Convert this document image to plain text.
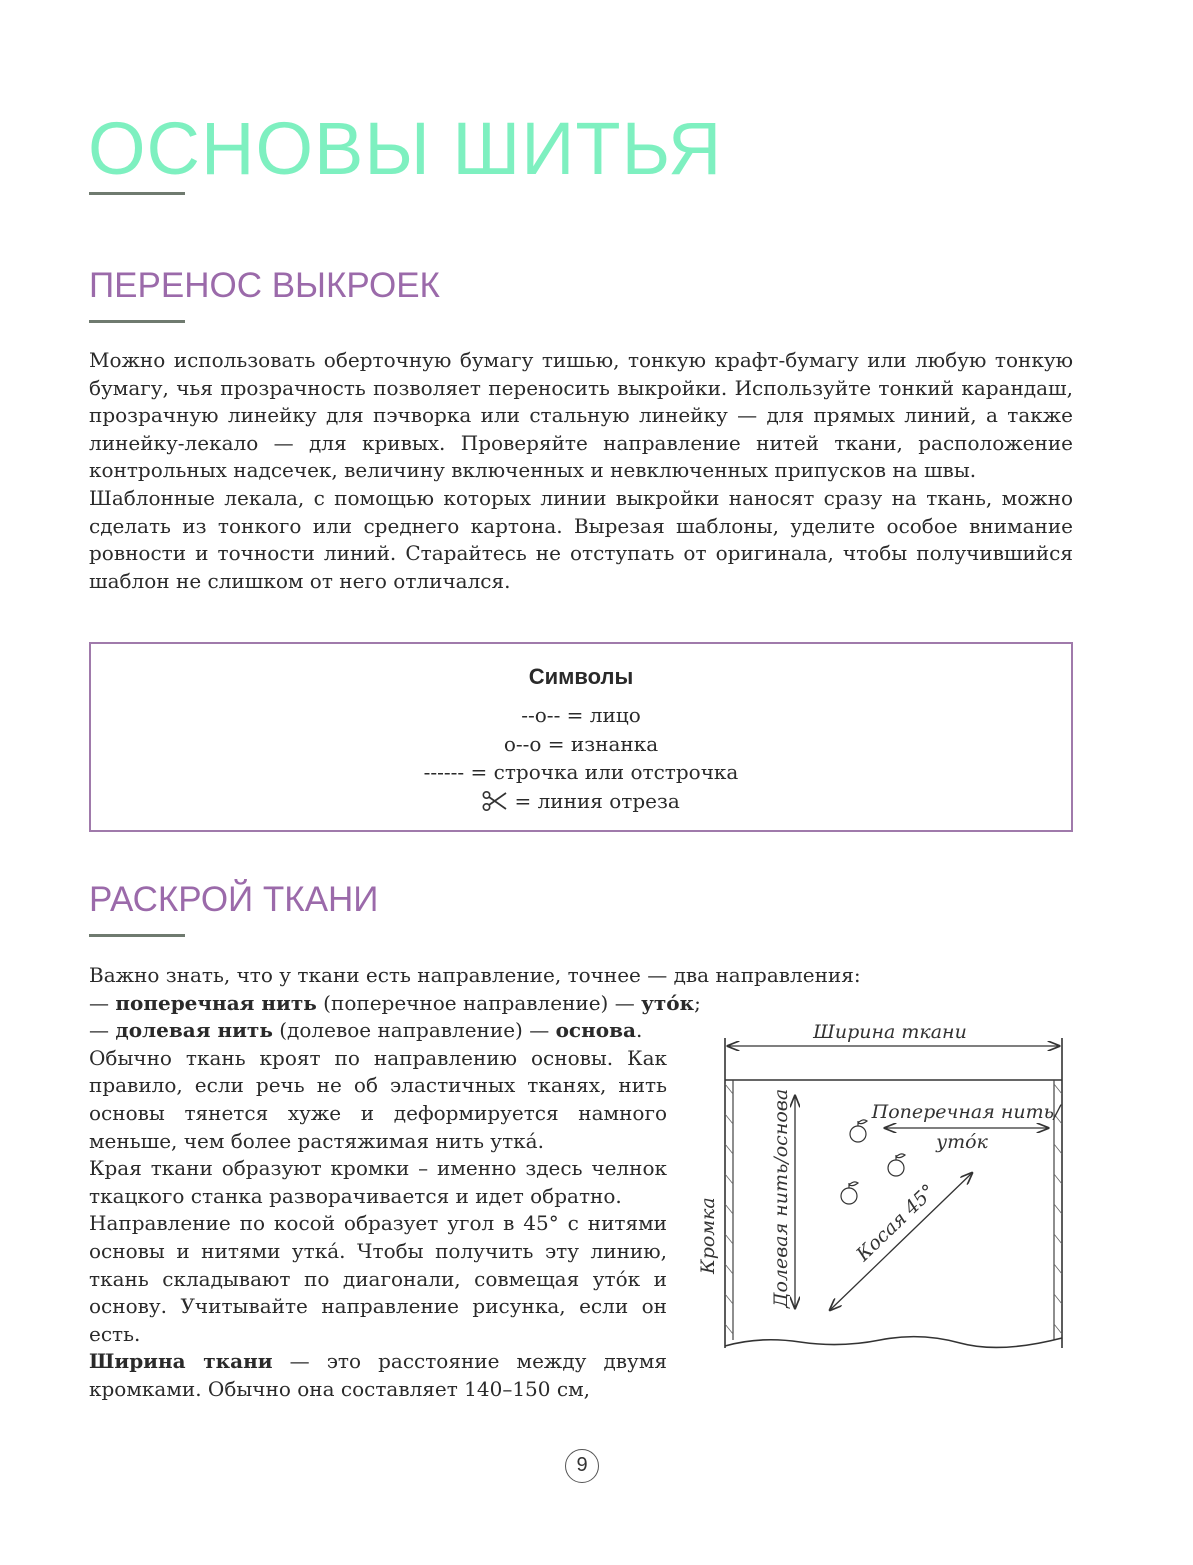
ОСНОВЫ ШИТЬЯ
ПЕРЕНОС ВЫКРОЕК

Можно использовать оберточную бумагу тишью, тонкую крафт-бумагу или любую тонкую бумагу, чья прозрачность позволяет переносить выкройки. Используйте тонкий карандаш, прозрачную линейку для пэчворка или стальную линейку — для прямых линий, а также линейку-лекало — для кривых. Проверяйте направление нитей ткани, расположение контрольных надсечек, величину включенных и невключенных припусков на швы.

Шаблонные лекала, с помощью которых линии выкройки наносят сразу на ткань, можно сделать из тонкого или среднего картона. Вырезая шаблоны, уделите особое внимание ровности и точности линий. Старайтесь не отступать от оригинала, чтобы получившийся шаблон не слишком от него отличался.

Символы
--o-- = лицо
o--o = изнанка
------ = строчка или отстрочка
= линия отреза
РАСКРОЙ ТКАНИ

Важно знать, что у ткани есть направление, точнее — два направления:

— поперечная нить (поперечное направление) — уто́к;

— долевая нить (долевое направление) — основа.

Обычно ткань кроят по направлению основы. Как правило, если речь не об эластичных тканях, нить основы тянется хуже и деформируется намного меньше, чем более растяжимая нить утка́.

Края ткани образуют кромки – именно здесь челнок ткацкого станка разворачивается и идет обратно.

Направление по косой образует угол в 45° с нитями основы и нитями утка́. Чтобы получить эту линию, ткань складывают по диагонали, совмещая уто́к и основу. Учитывайте направление рисунка, если он есть.

Ширина ткани — это расстояние между двумя кромками. Обычно она составляет 140–150 см,

Ширина ткани
Долевая нить/основа	Поперечная нить/
уто́к
Косая 45°
Кромка
9
